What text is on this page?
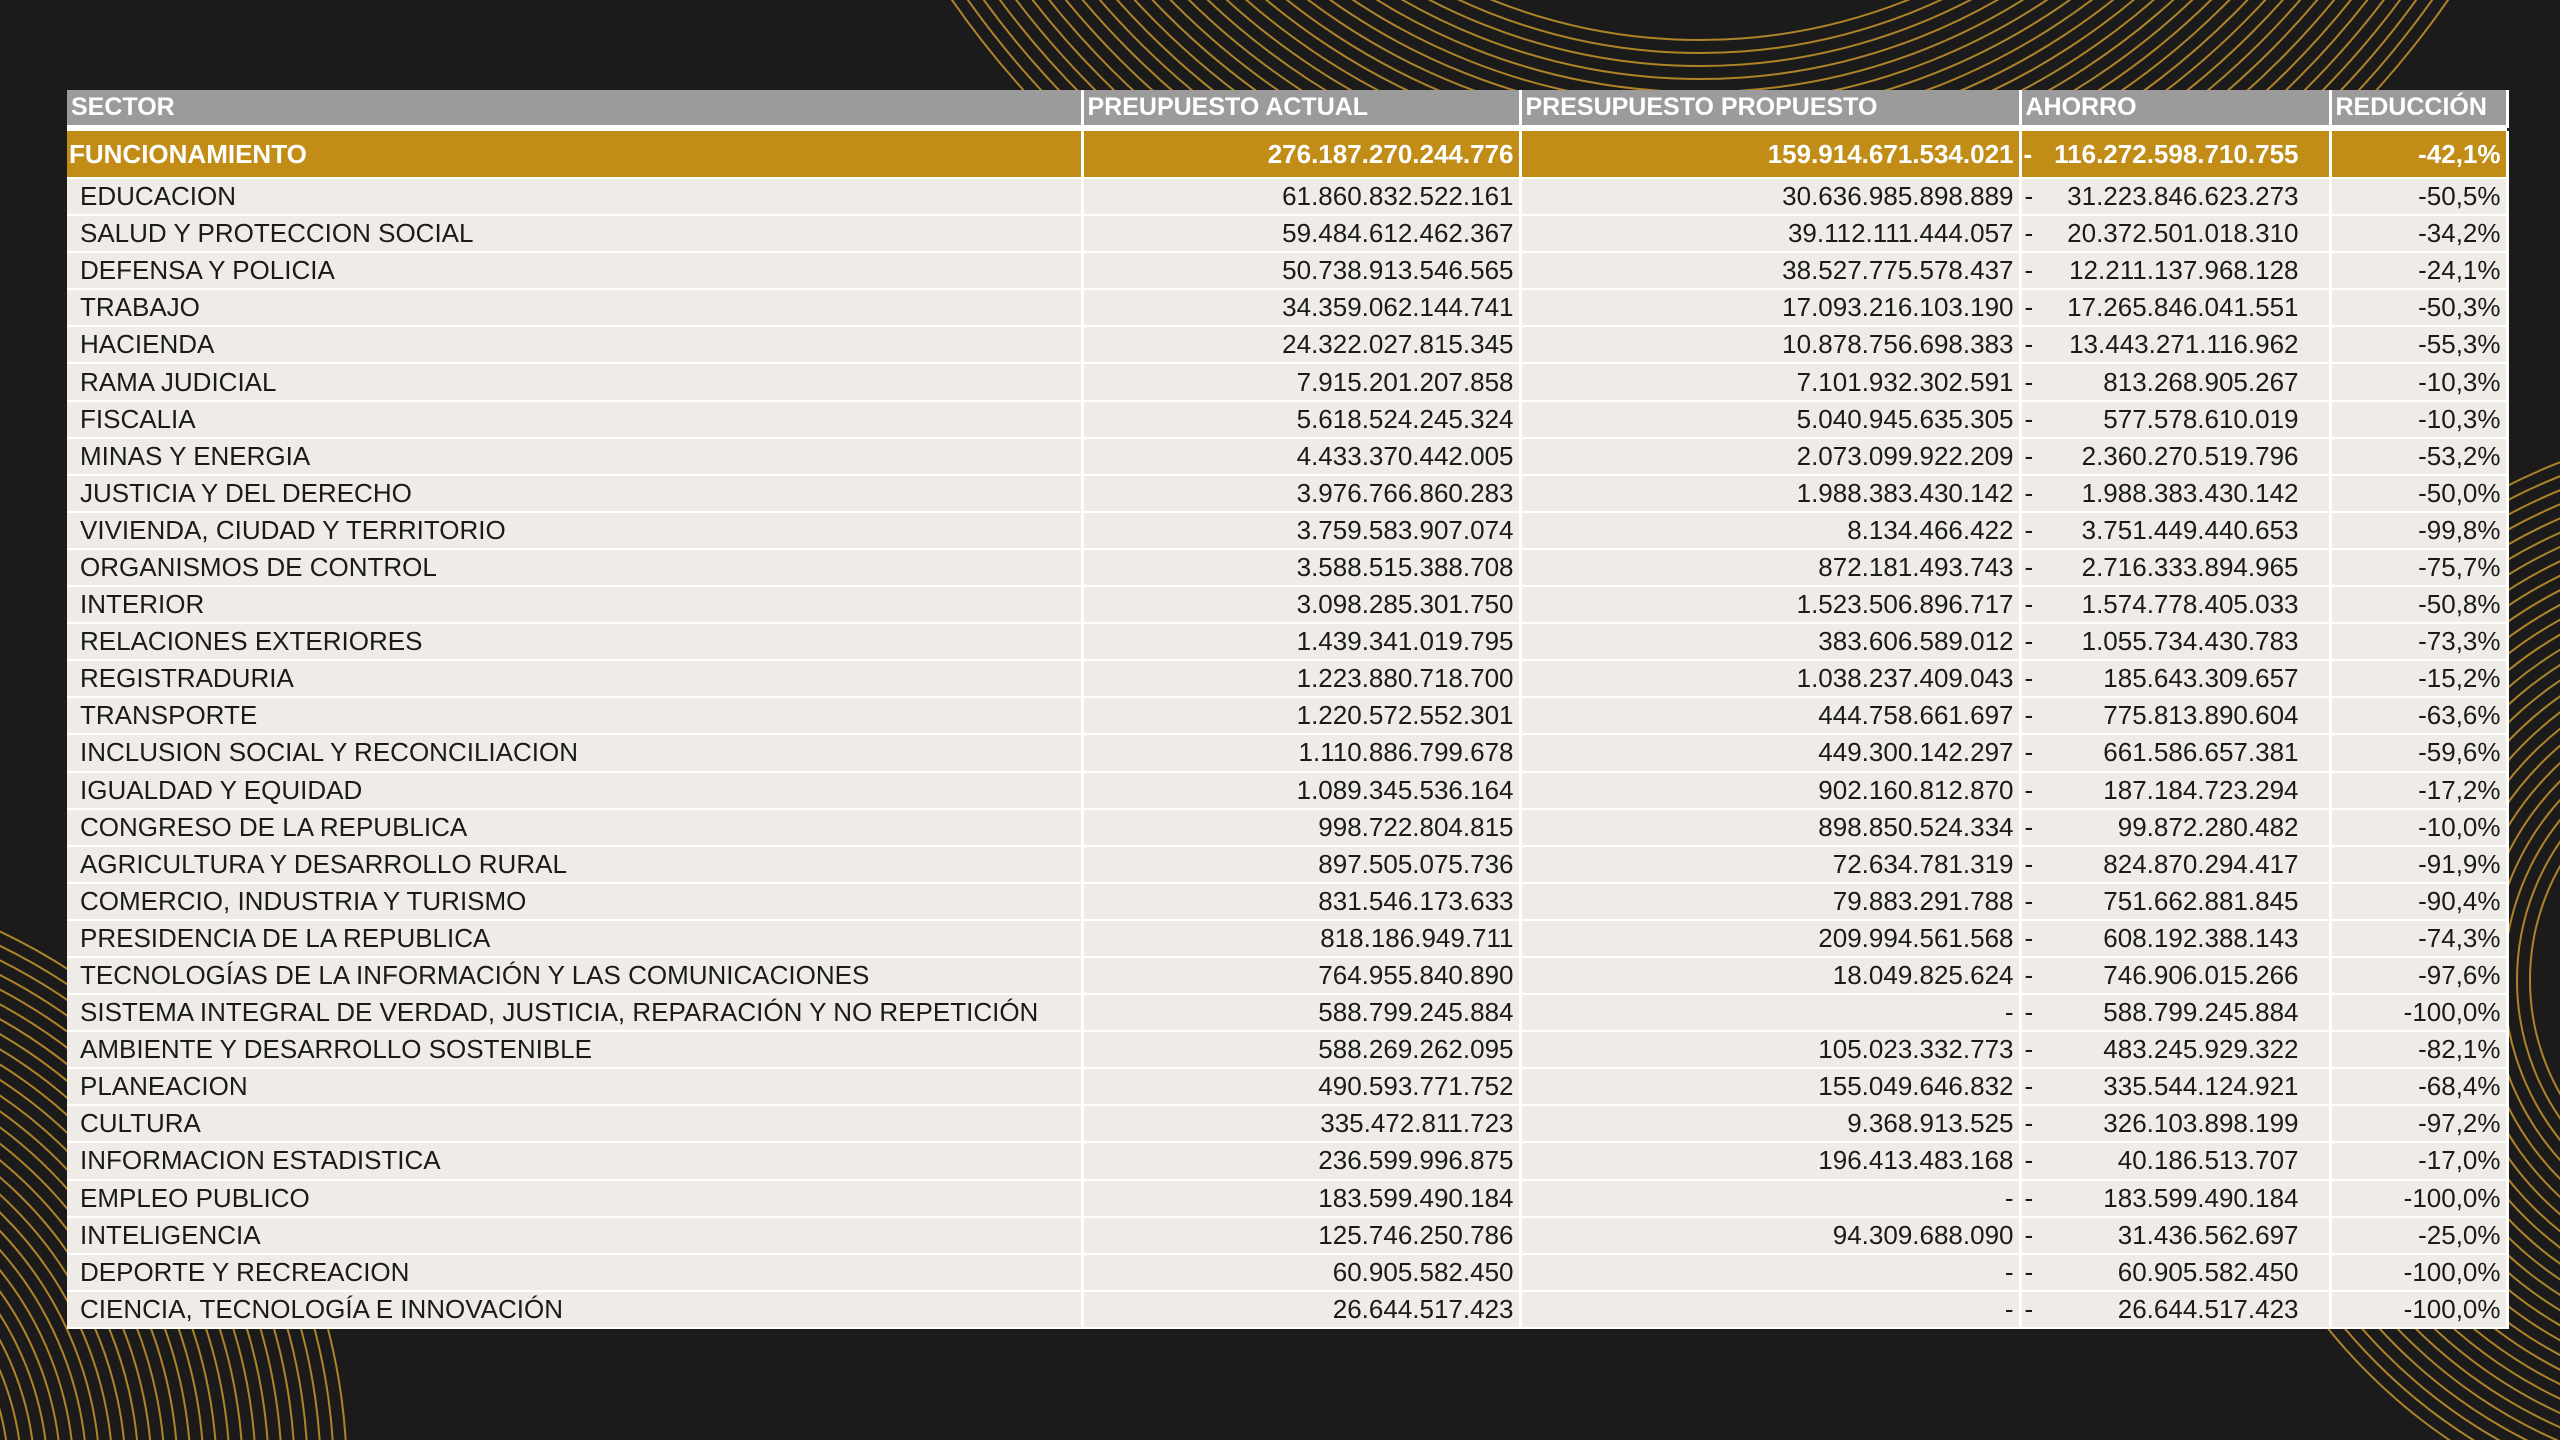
SECTOR	PREUPUESTO ACTUAL	PRESUPUESTO PROPUESTO	AHORRO	REDUCCIÓN

FUNCIONAMIENTO	276.187.270.244.776	159.914.671.534.021	- 116.272.598.710.755	-42,1%
EDUCACION	61.860.832.522.161	30.636.985.898.889	- 31.223.846.623.273	-50,5%
SALUD Y PROTECCION SOCIAL	59.484.612.462.367	39.112.111.444.057	- 20.372.501.018.310	-34,2%
DEFENSA Y POLICIA	50.738.913.546.565	38.527.775.578.437	- 12.211.137.968.128	-24,1%
TRABAJO	34.359.062.144.741	17.093.216.103.190	- 17.265.846.041.551	-50,3%
HACIENDA	24.322.027.815.345	10.878.756.698.383	- 13.443.271.116.962	-55,3%
RAMA JUDICIAL	7.915.201.207.858	7.101.932.302.591	- 813.268.905.267	-10,3%
FISCALIA	5.618.524.245.324	5.040.945.635.305	- 577.578.610.019	-10,3%
MINAS Y ENERGIA	4.433.370.442.005	2.073.099.922.209	- 2.360.270.519.796	-53,2%
JUSTICIA Y DEL DERECHO	3.976.766.860.283	1.988.383.430.142	- 1.988.383.430.142	-50,0%
VIVIENDA, CIUDAD Y TERRITORIO	3.759.583.907.074	8.134.466.422	- 3.751.449.440.653	-99,8%
ORGANISMOS DE CONTROL	3.588.515.388.708	872.181.493.743	- 2.716.333.894.965	-75,7%
INTERIOR	3.098.285.301.750	1.523.506.896.717	- 1.574.778.405.033	-50,8%
RELACIONES EXTERIORES	1.439.341.019.795	383.606.589.012	- 1.055.734.430.783	-73,3%
REGISTRADURIA	1.223.880.718.700	1.038.237.409.043	- 185.643.309.657	-15,2%
TRANSPORTE	1.220.572.552.301	444.758.661.697	- 775.813.890.604	-63,6%
INCLUSION SOCIAL Y RECONCILIACION	1.110.886.799.678	449.300.142.297	- 661.586.657.381	-59,6%
IGUALDAD Y EQUIDAD	1.089.345.536.164	902.160.812.870	- 187.184.723.294	-17,2%
CONGRESO DE LA REPUBLICA	998.722.804.815	898.850.524.334	- 99.872.280.482	-10,0%
AGRICULTURA Y DESARROLLO RURAL	897.505.075.736	72.634.781.319	- 824.870.294.417	-91,9%
COMERCIO, INDUSTRIA Y TURISMO	831.546.173.633	79.883.291.788	- 751.662.881.845	-90,4%
PRESIDENCIA DE LA REPUBLICA	818.186.949.711	209.994.561.568	- 608.192.388.143	-74,3%
TECNOLOGÍAS DE LA INFORMACIÓN Y LAS COMUNICACIONES	764.955.840.890	18.049.825.624	- 746.906.015.266	-97,6%
SISTEMA INTEGRAL DE VERDAD, JUSTICIA, REPARACIÓN Y NO REPETICIÓN	588.799.245.884	-	- 588.799.245.884	-100,0%
AMBIENTE Y DESARROLLO SOSTENIBLE	588.269.262.095	105.023.332.773	- 483.245.929.322	-82,1%
PLANEACION	490.593.771.752	155.049.646.832	- 335.544.124.921	-68,4%
CULTURA	335.472.811.723	9.368.913.525	- 326.103.898.199	-97,2%
INFORMACION ESTADISTICA	236.599.996.875	196.413.483.168	- 40.186.513.707	-17,0%
EMPLEO PUBLICO	183.599.490.184	-	- 183.599.490.184	-100,0%
INTELIGENCIA	125.746.250.786	94.309.688.090	- 31.436.562.697	-25,0%
DEPORTE Y RECREACION	60.905.582.450	-	- 60.905.582.450	-100,0%
CIENCIA, TECNOLOGÍA E INNOVACIÓN	26.644.517.423	-	- 26.644.517.423	-100,0%
